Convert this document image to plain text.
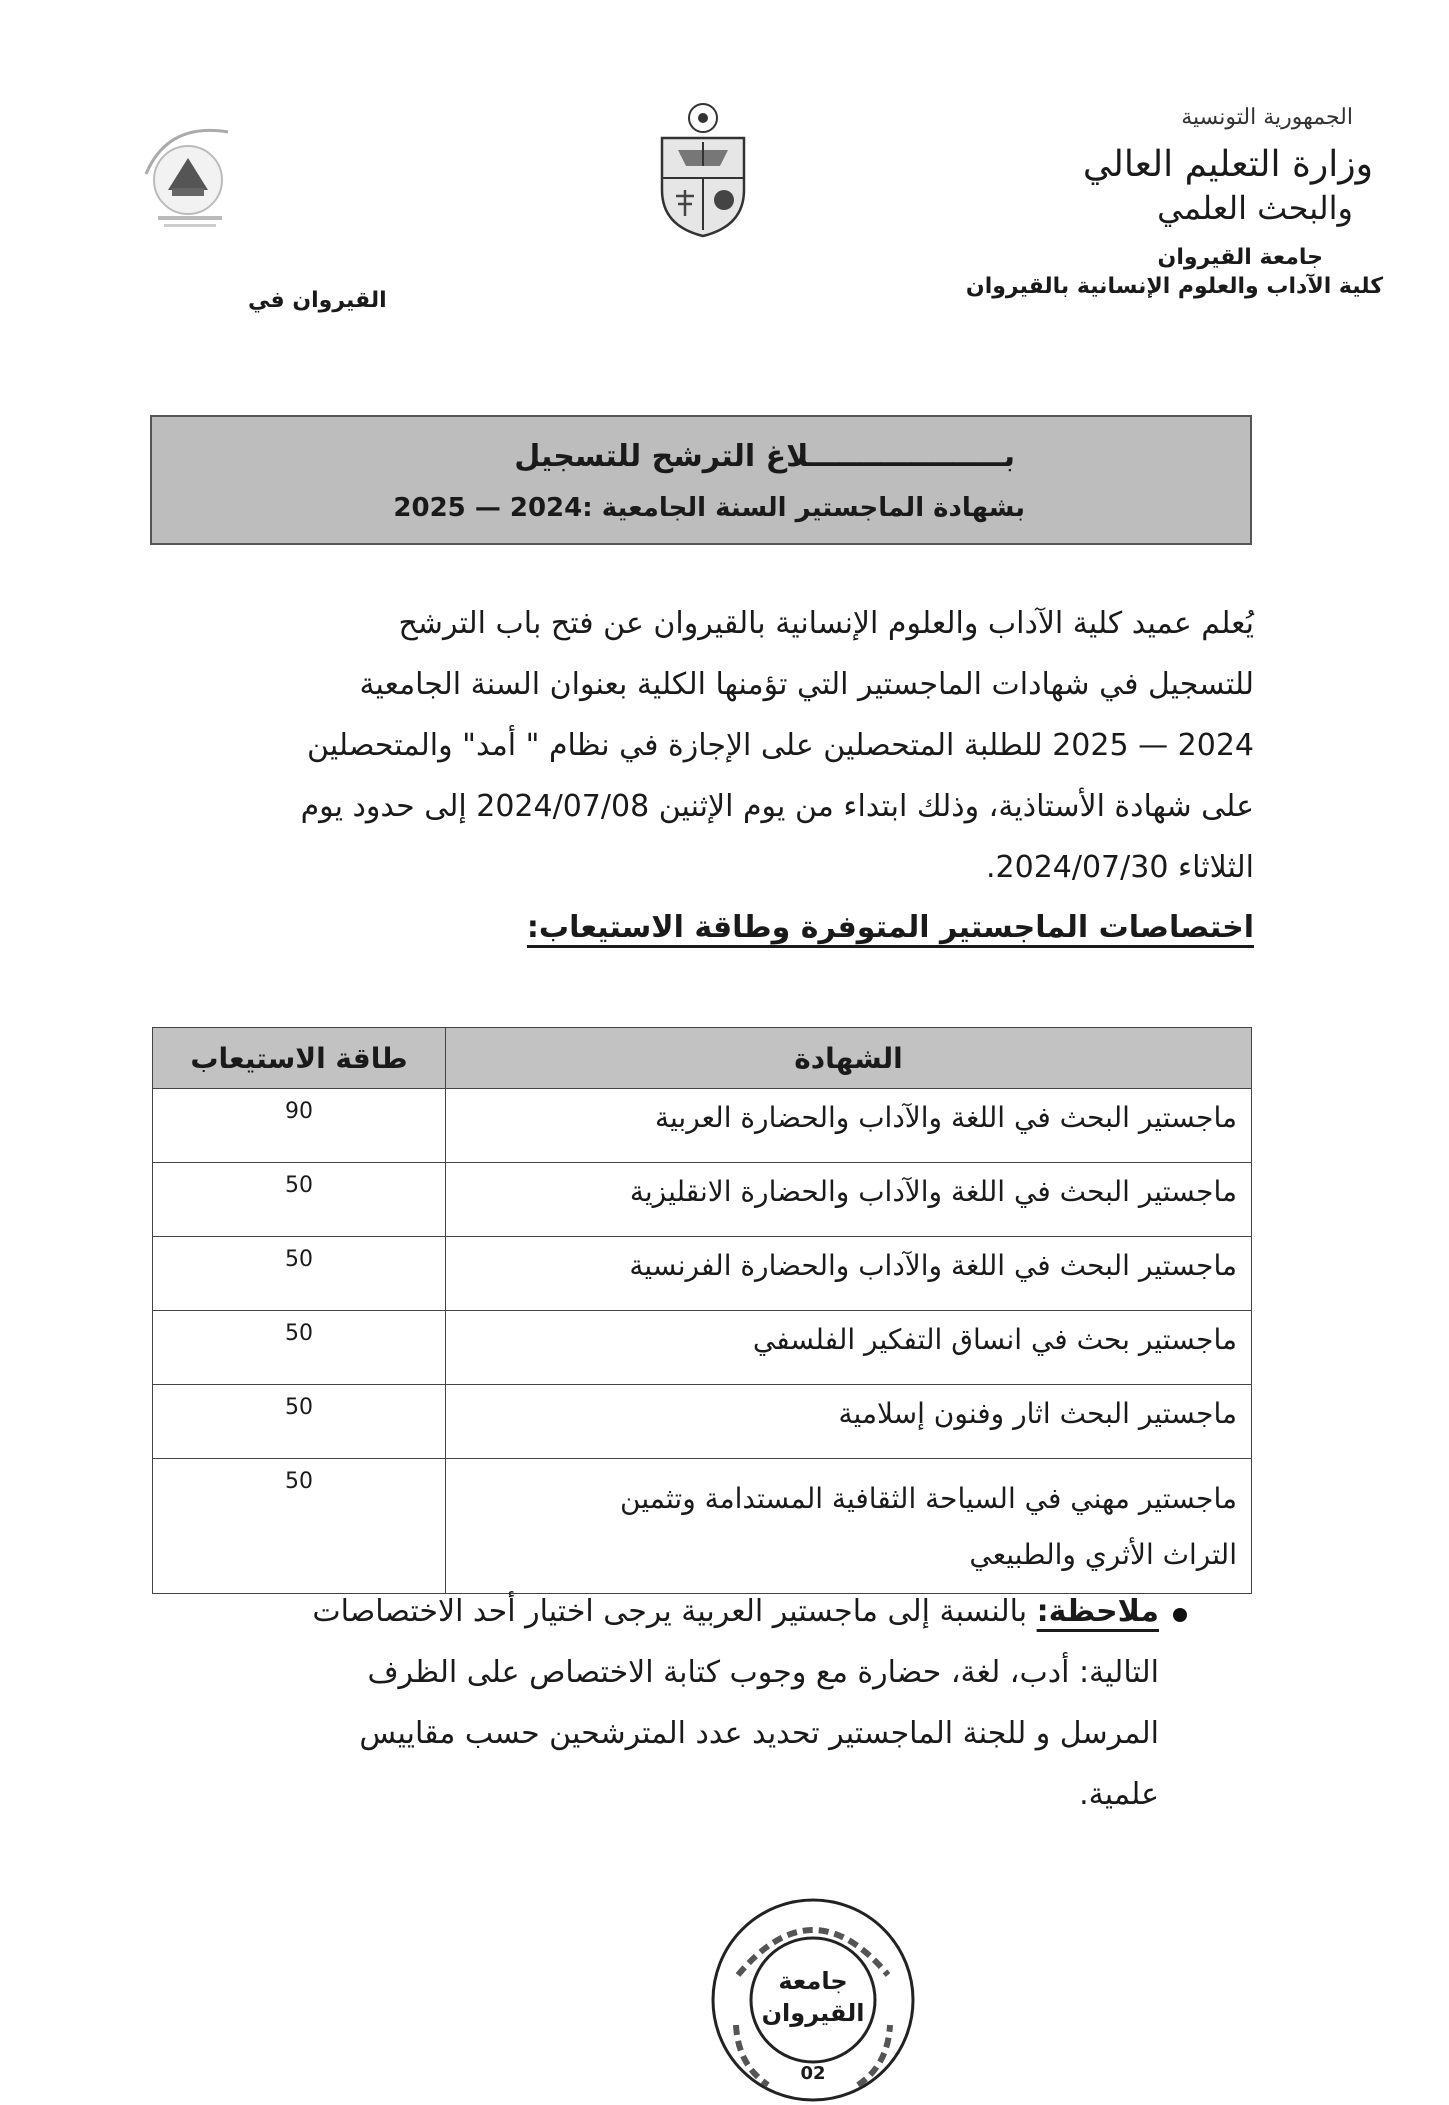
الجمهورية التونسية
وزارة التعليم العالي
والبحث العلمي
جامعة القيروان
كلية الآداب والعلوم الإنسانية بالقيروان
القيروان في
بـــــــــــــــــــلاغ الترشح للتسجيل
بشهادة الماجستير السنة الجامعية :2024 — 2025
يُعلم عميد كلية الآداب والعلوم الإنسانية بالقيروان عن فتح باب الترشح
للتسجيل في شهادات الماجستير التي تؤمنها الكلية بعنوان السنة الجامعية
2024 — 2025 للطلبة المتحصلين على الإجازة في نظام " أمد" والمتحصلين
على شهادة الأستاذية، وذلك ابتداء من يوم الإثنين 2024/07/08 إلى حدود يوم
الثلاثاء 2024/07/30.
اختصاصات الماجستير المتوفرة وطاقة الاستيعاب:
الشهادة	طاقة الاستيعاب
ماجستير البحث في اللغة والآداب والحضارة العربية	90
ماجستير البحث في اللغة والآداب والحضارة الانقليزية	50
ماجستير البحث في اللغة والآداب والحضارة الفرنسية	50
ماجستير بحث في انساق التفكير الفلسفي	50
ماجستير البحث اثار وفنون إسلامية	50

ماجستير مهني في السياحة الثقافية المستدامة وتثمين
التراث الأثري والطبيعي	50
ملاحظة: بالنسبة إلى ماجستير العربية يرجى اختيار أحد الاختصاصات
التالية: أدب، لغة، حضارة مع وجوب كتابة الاختصاص على الظرف
المرسل و للجنة الماجستير تحديد عدد المترشحين حسب مقاييس
علمية.
جامعة
القيروان
02
